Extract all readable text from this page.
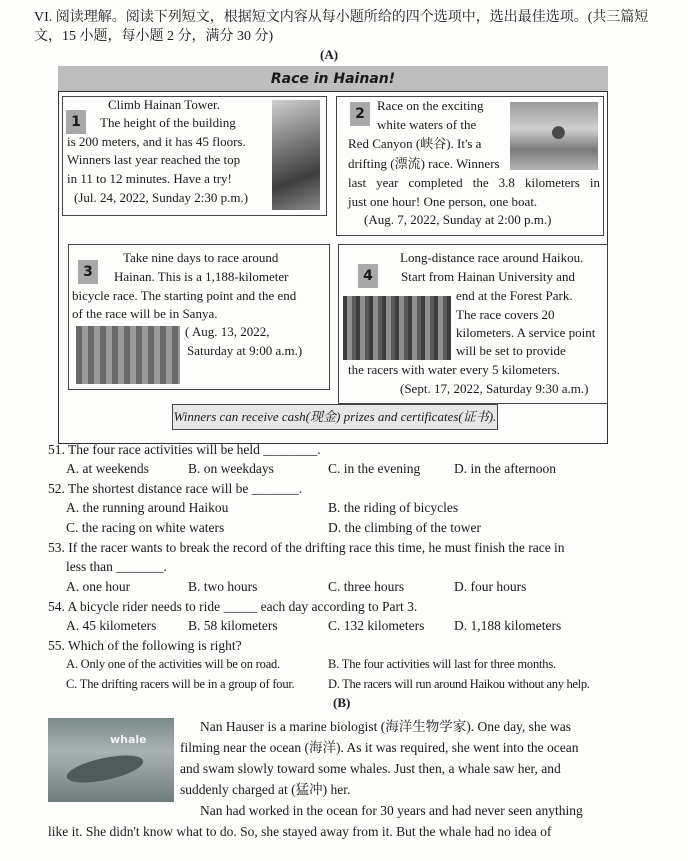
VI. 阅读理解。阅读下列短文，根据短文内容从每小题所给的四个选项中，选出最佳选项。(共三篇短文，15 小题，每小题 2 分，满分 30 分)
(A)
Race in Hainan!
1
Climb Hainan Tower.
The height of the building
is 200 meters, and it has 45 floors.
Winners last year reached the top
in 11 to 12 minutes. Have a try!
(Jul. 24, 2022, Sunday 2:30 p.m.)
2
Race on the exciting
white waters of the
Red Canyon (峡谷). It's a
drifting (漂流) race. Winners
last year completed the 3.8 kilometers in
just one hour! One person, one boat.
(Aug. 7, 2022, Sunday at 2:00 p.m.)
3
Take nine days to race around
Hainan. This is a 1,188-kilometer
bicycle race. The starting point and the end
of the race will be in Sanya.
( Aug. 13, 2022,
Saturday at 9:00 a.m.)
4
Long-distance race around Haikou.
Start from Hainan University and
end at the Forest Park.
The race covers 20
kilometers. A service point
will be set to provide
the racers with water every 5 kilometers.
(Sept. 17, 2022, Saturday 9:30 a.m.)
Winners can receive cash(现金) prizes and certificates(证书).
51. The four race activities will be held ________.
A. at weekends	B. on weekdays	C. in the evening	D. in the afternoon
52. The shortest distance race will be _______.
A. the running around Haikou	B. the riding of bicycles
C. the racing on white waters	D. the climbing of the tower
53. If the racer wants to break the record of the drifting race this time, he must finish the race in
less than _______.
A. one hour	B. two hours	C. three hours	D. four hours
54. A bicycle rider needs to ride _____ each day according to Part 3.
A. 45 kilometers B. 58 kilometers	C. 132 kilometers D. 1,188 kilometers
55. Which of the following is right?
A. Only one of the activities will be on road.	B. The four activities will last for three months.
C. The drifting racers will be in a group of four.	D. The racers will run around Haikou without any help.
(B)
whale
Nan Hauser is a marine biologist (海洋生物学家). One day, she was
filming near the ocean (海洋). As it was required, she went into the ocean
and swam slowly toward some whales. Just then, a whale saw her, and
suddenly charged at (猛冲) her.
Nan had worked in the ocean for 30 years and had never seen anything
like it. She didn't know what to do. So, she stayed away from it. But the whale had no idea of
